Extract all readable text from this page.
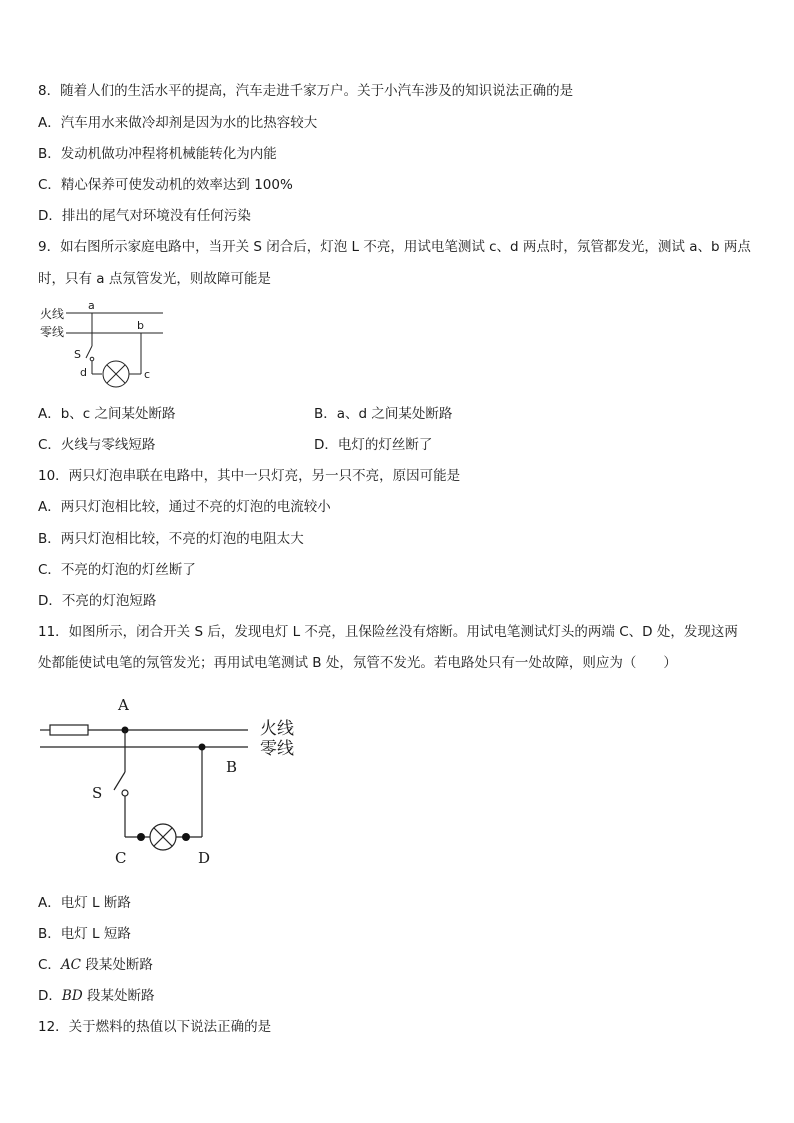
8．随着人们的生活水平的提高，汽车走进千家万户。关于小汽车涉及的知识说法正确的是
A．汽车用水来做冷却剂是因为水的比热容较大
B．发动机做功冲程将机械能转化为内能
C．精心保养可使发动机的效率达到 100%
D．排出的尾气对环境没有任何污染
9．如右图所示家庭电路中，当开关 S 闭合后，灯泡 L 不亮，用试电笔测试 c、d 两点时，氖管都发光，测试 a、b 两点
时，只有 a 点氖管发光，则故障可能是
火线
零线
a
b
S
d	c
A．b、c 之间某处断路	B．a、d 之间某处断路
C．火线与零线短路	D．电灯的灯丝断了
10．两只灯泡串联在电路中，其中一只灯亮，另一只不亮，原因可能是
A．两只灯泡相比较，通过不亮的灯泡的电流较小
B．两只灯泡相比较，不亮的灯泡的电阻太大
C．不亮的灯泡的灯丝断了
D．不亮的灯泡短路
11．如图所示，闭合开关 S 后，发现电灯 L 不亮，且保险丝没有熔断。用试电笔测试灯头的两端 C、D 处，发现这两
处都能使试电笔的氖管发光；再用试电笔测试 B 处，氖管不发光。若电路处只有一处故障，则应为（　　）
A
火线
零线
S
B
C	D
A．电灯 L 断路
B．电灯 L 短路
C．AC 段某处断路
D．BD 段某处断路
12．关于燃料的热值以下说法正确的是
